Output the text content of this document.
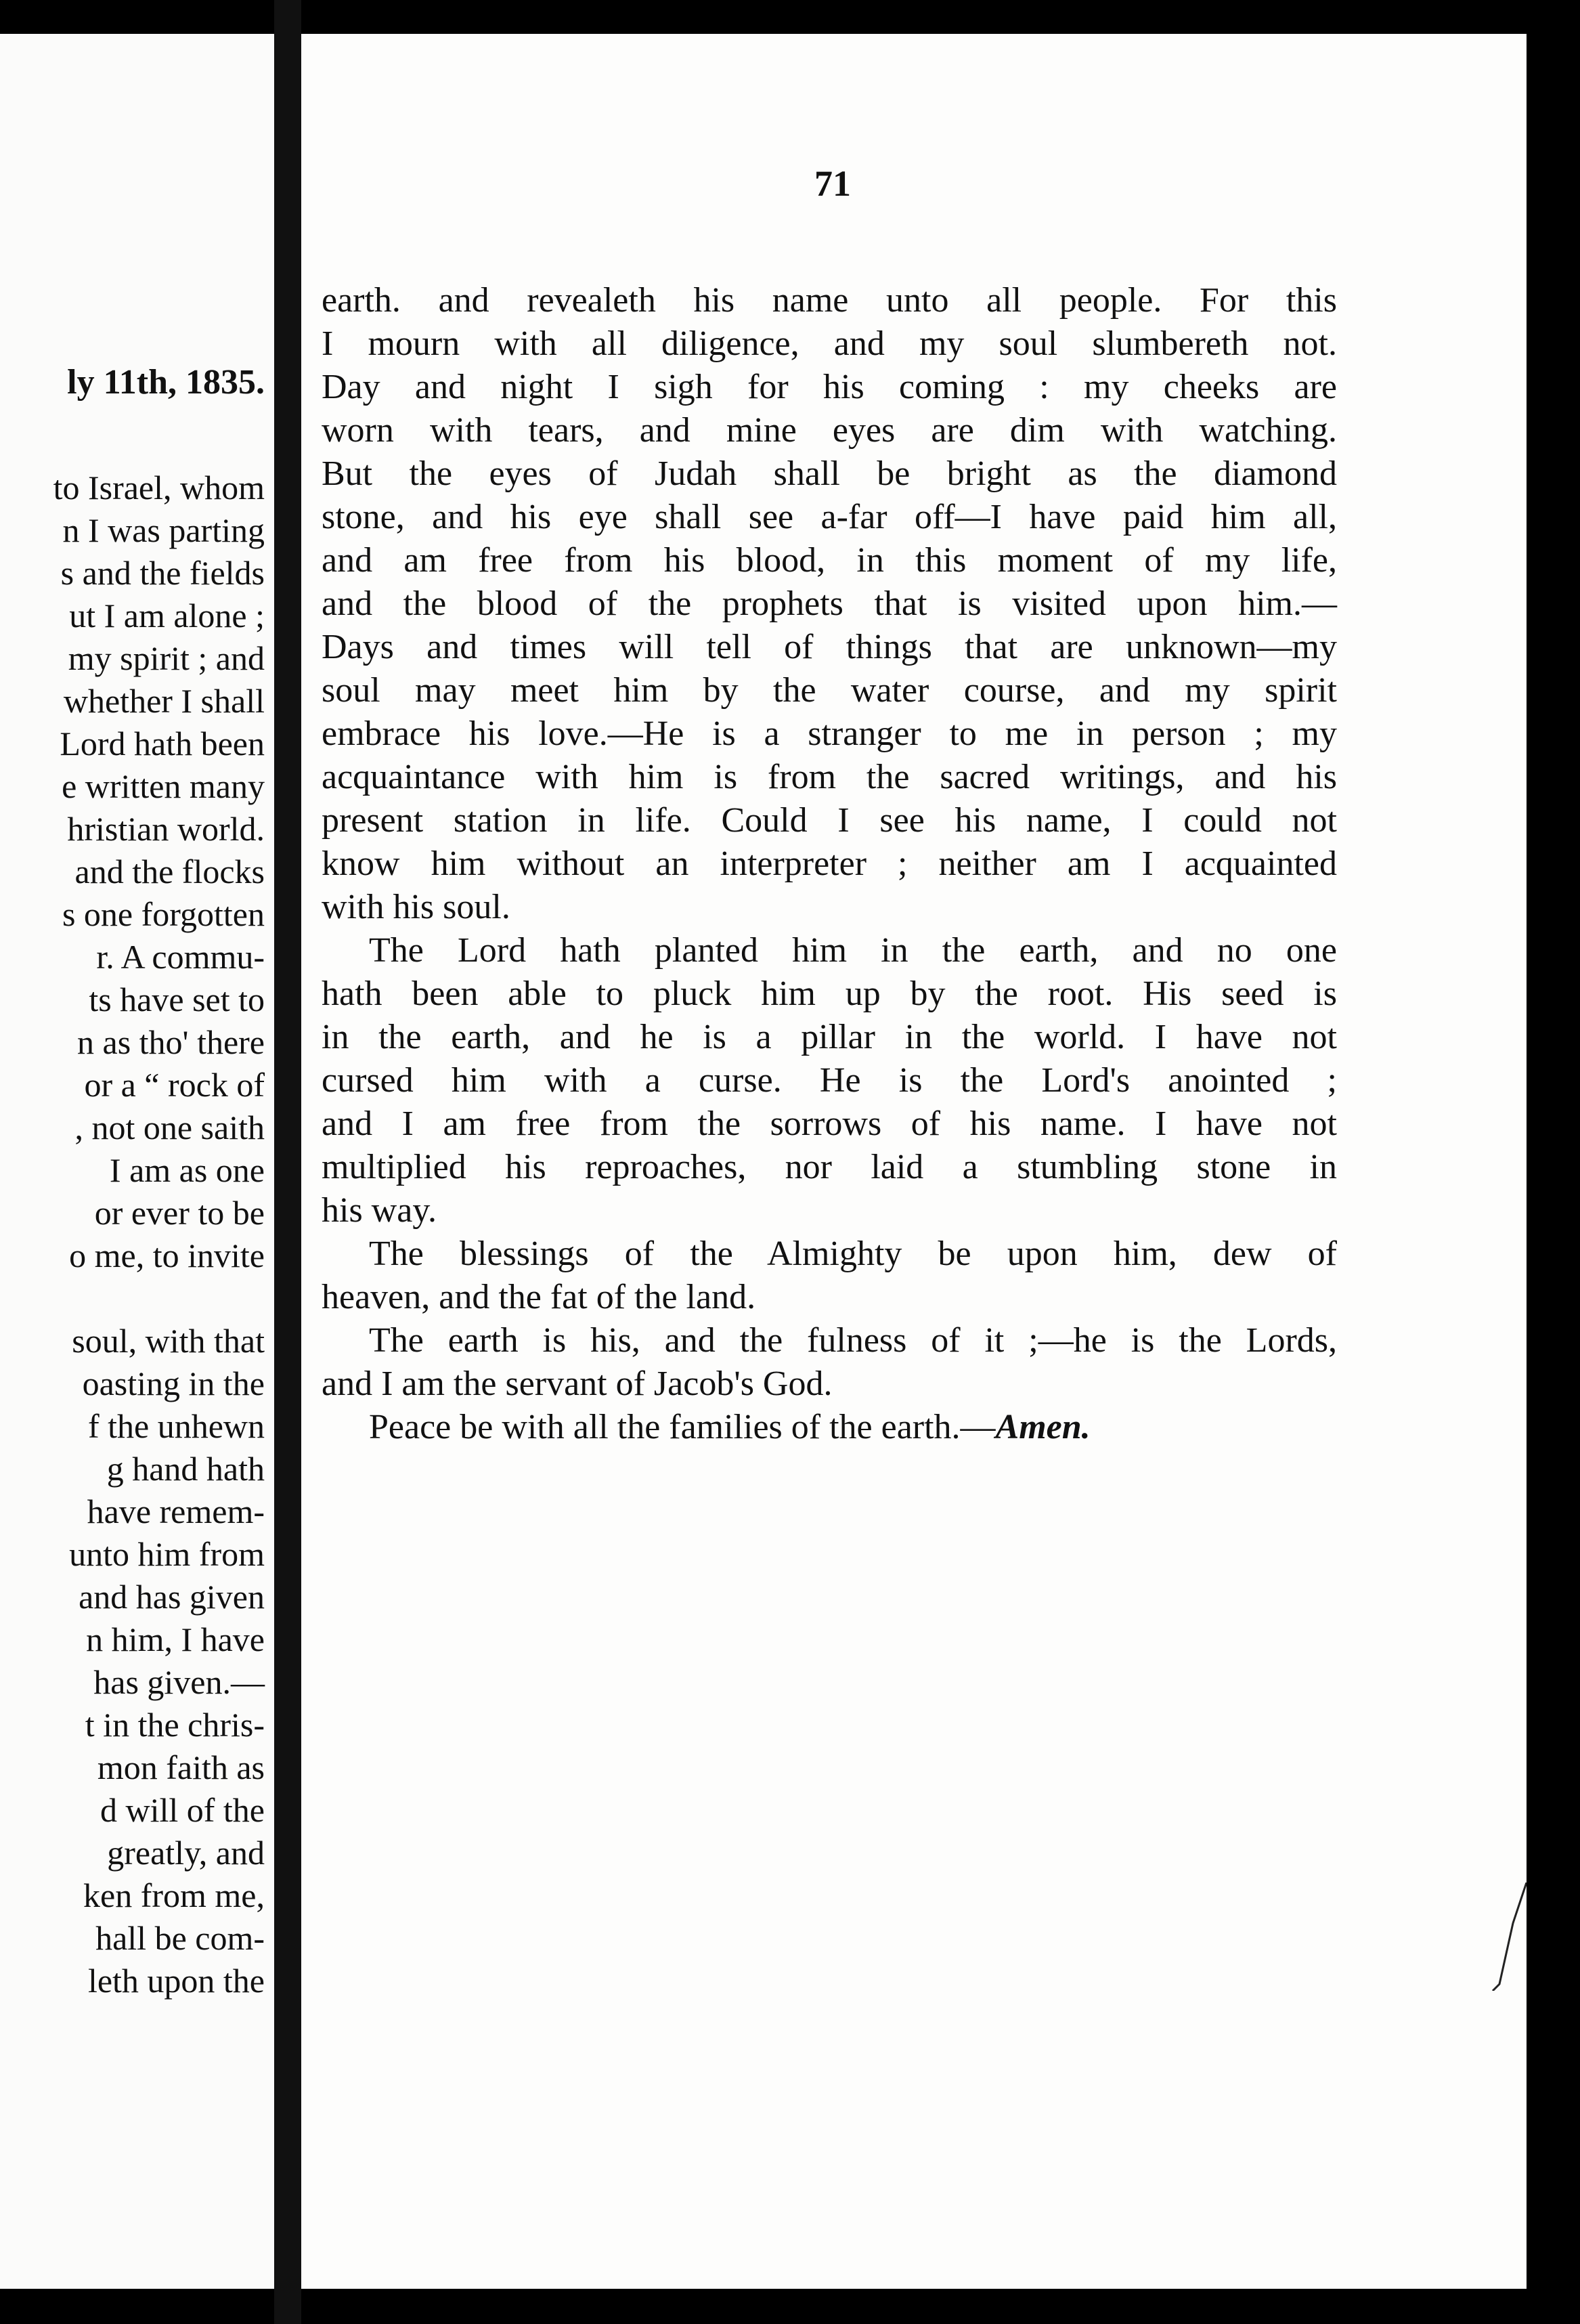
ly 11th, 1835.
to Israel, whom
n I was parting
s and the fields
ut I am alone ;
my spirit ; and
whether I shall
Lord hath been
e written many
hristian world.
and the flocks
s one forgotten
r. A commu-
ts have set to
n as tho' there
or a “ rock of
, not one saith
I am as one
or ever to be
o me, to invite
soul, with that
oasting in the
f the unhewn
g hand hath
have remem-
unto him from
and has given
n him, I have
has given.—
t in the chris-
mon faith as
d will of the
greatly, and
ken from me,
hall be com-
leth upon the
71
earth. and revealeth his name unto all people. For this
I mourn with all diligence, and my soul slumbereth not.
Day and night I sigh for his coming : my cheeks are
worn with tears, and mine eyes are dim with watching.
But the eyes of Judah shall be bright as the diamond
stone, and his eye shall see a-far off—I have paid him all,
and am free from his blood, in this moment of my life,
and the blood of the prophets that is visited upon him.—
Days and times will tell of things that are unknown—my
soul may meet him by the water course, and my spirit
embrace his love.—He is a stranger to me in person ; my
acquaintance with him is from the sacred writings, and his
present station in life. Could I see his name, I could not
know him without an interpreter ; neither am I acquainted
with his soul.
The Lord hath planted him in the earth, and no one
hath been able to pluck him up by the root. His seed is
in the earth, and he is a pillar in the world. I have not
cursed him with a curse. He is the Lord's anointed ;
and I am free from the sorrows of his name. I have not
multiplied his reproaches, nor laid a stumbling stone in
his way.
The blessings of the Almighty be upon him, dew of
heaven, and the fat of the land.
The earth is his, and the fulness of it ;—he is the Lords,
and I am the servant of Jacob's God.
Peace be with all the families of the earth.—Amen.
